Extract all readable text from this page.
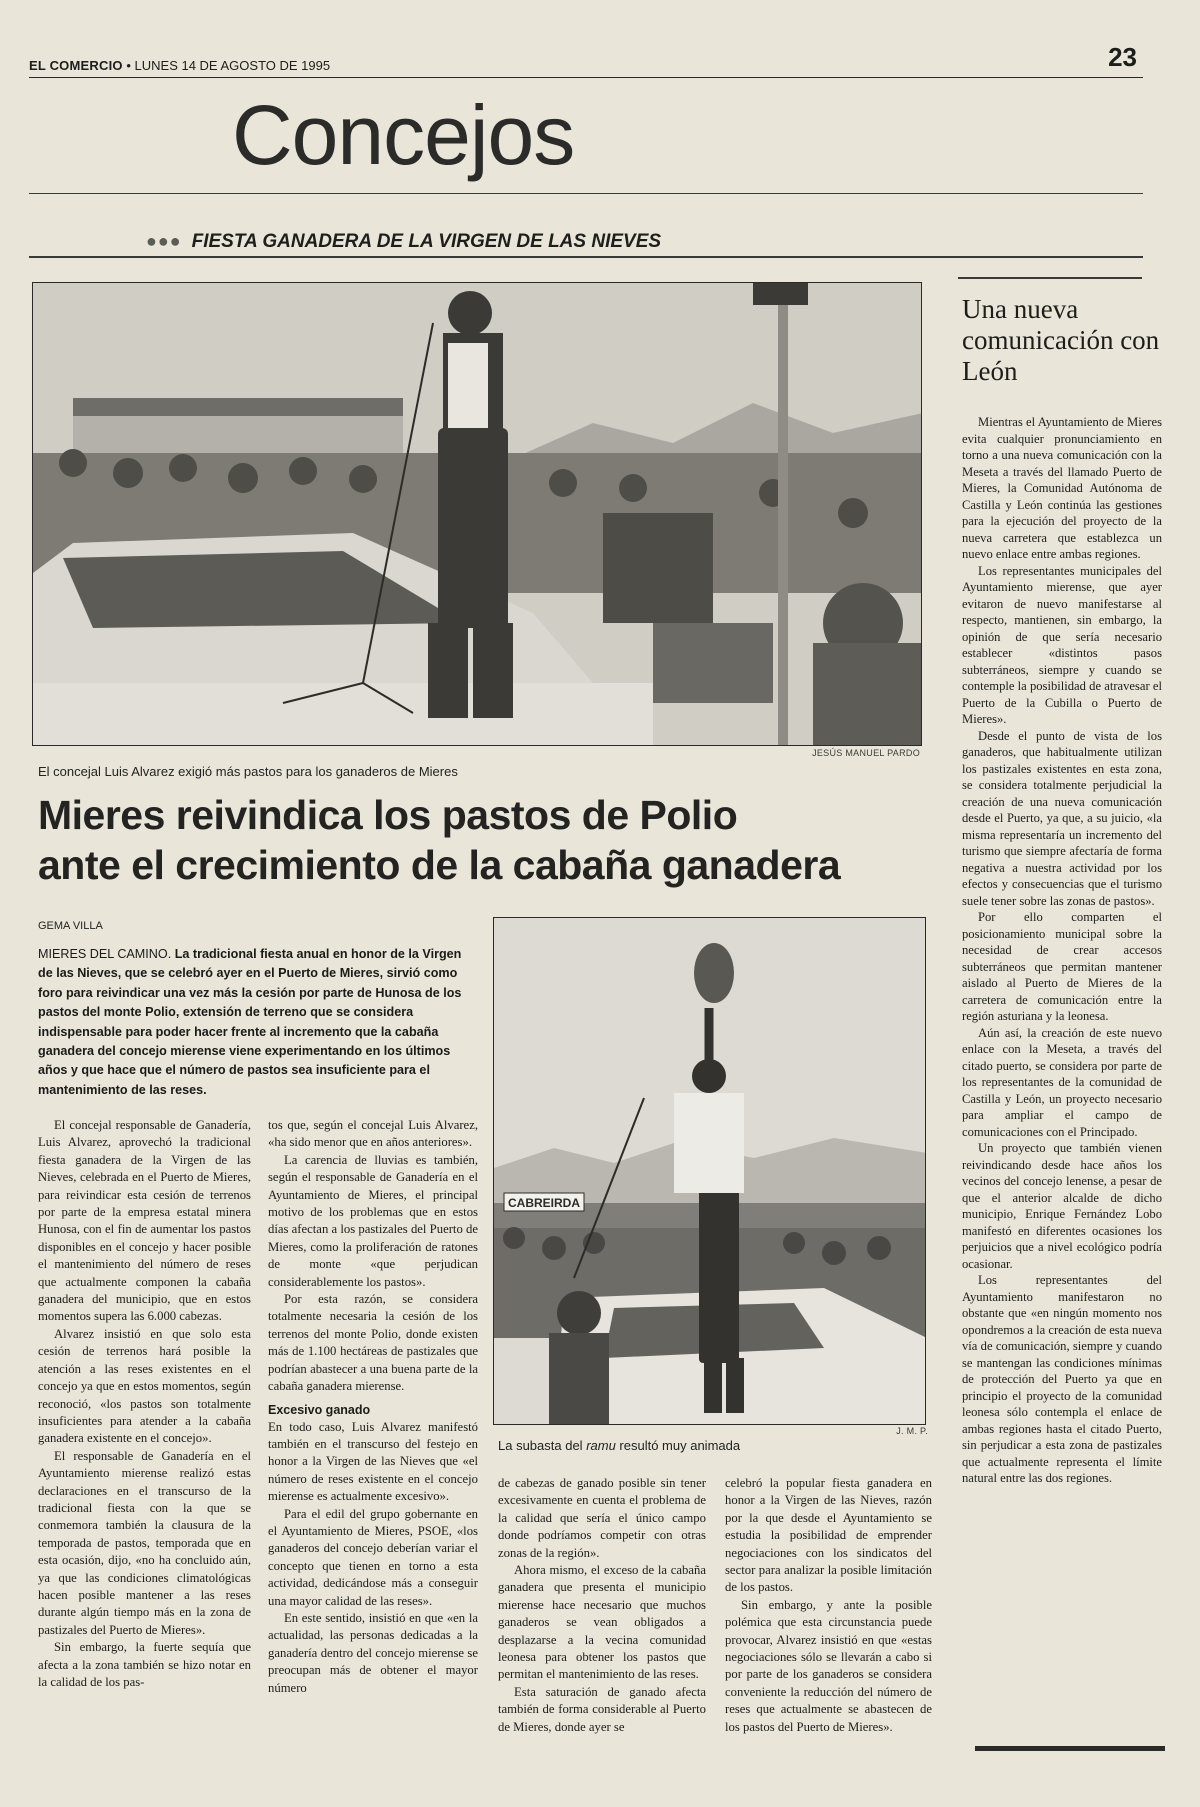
EL COMERCIO • LUNES 14 DE AGOSTO DE 1995	23
Concejos
●●● FIESTA GANADERA DE LA VIRGEN DE LAS NIEVES
JESÚS MANUEL PARDO
El concejal Luis Alvarez exigió más pastos para los ganaderos de Mieres
Mieres reivindica los pastos de Polio
ante el crecimiento de la cabaña ganadera
GEMA VILLA
MIERES DEL CAMINO. La tradicional fiesta anual en honor de la Virgen de las Nieves, que se celebró ayer en el Puerto de Mieres, sirvió como foro para reivindicar una vez más la cesión por parte de Hunosa de los pastos del monte Polio, extensión de terreno que se considera indispensable para poder hacer frente al incremento que la cabaña ganadera del concejo mierense viene experimentando en los últimos años y que hace que el número de pastos sea insuficiente para el mantenimiento de las reses.
CABREIRDA
J. M. P.
La subasta del ramu resultó muy animada

El concejal responsable de Ganadería, Luis Alvarez, aprovechó la tradicional fiesta ganadera de la Virgen de las Nieves, celebrada en el Puerto de Mieres, para reivindicar esta cesión de terrenos por parte de la empresa estatal minera Hunosa, con el fin de aumentar los pastos disponibles en el concejo y hacer posible el mantenimiento del número de reses que actualmente componen la cabaña ganadera del municipio, que en estos momentos supera las 6.000 cabezas.

Alvarez insistió en que solo esta cesión de terrenos hará posible la atención a las reses existentes en el concejo ya que en estos momentos, según reconoció, «los pastos son totalmente insuficientes para atender a la cabaña ganadera existente en el concejo».

El responsable de Ganadería en el Ayuntamiento mierense realizó estas declaraciones en el transcurso de la tradicional fiesta con la que se conmemora también la clausura de la temporada de pastos, temporada que en esta ocasión, dijo, «no ha concluido aún, ya que las condiciones climatológicas hacen posible mantener a las reses durante algún tiempo más en la zona de pastizales del Puerto de Mieres».

Sin embargo, la fuerte sequía que afecta a la zona también se hizo notar en la calidad de los pas-

tos que, según el concejal Luis Alvarez, «ha sido menor que en años anteriores».

La carencia de lluvias es también, según el responsable de Ganadería en el Ayuntamiento de Mieres, el principal motivo de los problemas que en estos días afectan a los pastizales del Puerto de Mieres, como la proliferación de ratones de monte «que perjudican considerablemente los pastos».

Por esta razón, se considera totalmente necesaria la cesión de los terrenos del monte Polio, donde existen más de 1.100 hectáreas de pastizales que podrían abastecer a una buena parte de la cabaña ganadera mierense.

Excesivo ganado

En todo caso, Luis Alvarez manifestó también en el transcurso del festejo en honor a la Virgen de las Nieves que «el número de reses existente en el concejo mierense es actualmente excesivo».

Para el edil del grupo gobernante en el Ayuntamiento de Mieres, PSOE, «los ganaderos del concejo deberían variar el concepto que tienen en torno a esta actividad, dedicándose más a conseguir una mayor calidad de las reses».

En este sentido, insistió en que «en la actualidad, las personas dedicadas a la ganadería dentro del concejo mierense se preocupan más de obtener el mayor número

de cabezas de ganado posible sin tener excesivamente en cuenta el problema de la calidad que sería el único campo donde podríamos competir con otras zonas de la región».

Ahora mismo, el exceso de la cabaña ganadera que presenta el municipio mierense hace necesario que muchos ganaderos se vean obligados a desplazarse a la vecina comunidad leonesa para obtener los pastos que permitan el mantenimiento de las reses.

Esta saturación de ganado afecta también de forma considerable al Puerto de Mieres, donde ayer se

celebró la popular fiesta ganadera en honor a la Virgen de las Nieves, razón por la que desde el Ayuntamiento se estudia la posibilidad de emprender negociaciones con los sindicatos del sector para analizar la posible limitación de los pastos.

Sin embargo, y ante la posible polémica que esta circunstancia puede provocar, Alvarez insistió en que «estas negociaciones sólo se llevarán a cabo si por parte de los ganaderos se considera conveniente la reducción del número de reses que actualmente se abastecen de los pastos del Puerto de Mieres».

Una nueva comunicación con León

Mientras el Ayuntamiento de Mieres evita cualquier pronunciamiento en torno a una nueva comunicación con la Meseta a través del llamado Puerto de Mieres, la Comunidad Autónoma de Castilla y León continúa las gestiones para la ejecución del proyecto de la nueva carretera que establezca un nuevo enlace entre ambas regiones.

Los representantes municipales del Ayuntamiento mierense, que ayer evitaron de nuevo manifestarse al respecto, mantienen, sin embargo, la opinión de que sería necesario establecer «distintos pasos subterráneos, siempre y cuando se contemple la posibilidad de atravesar el Puerto de la Cubilla o Puerto de Mieres».

Desde el punto de vista de los ganaderos, que habitualmente utilizan los pastizales existentes en esta zona, se considera totalmente perjudicial la creación de una nueva comunicación desde el Puerto, ya que, a su juicio, «la misma representaría un incremento del turismo que siempre afectaría de forma negativa a nuestra actividad por los efectos y consecuencias que el turismo suele tener sobre las zonas de pastos».

Por ello comparten el posicionamiento municipal sobre la necesidad de crear accesos subterráneos que permitan mantener aislado al Puerto de Mieres de la carretera de comunicación entre la región asturiana y la leonesa.

Aún así, la creación de este nuevo enlace con la Meseta, a través del citado puerto, se considera por parte de los representantes de la comunidad de Castilla y León, un proyecto necesario para ampliar el campo de comunicaciones con el Principado.

Un proyecto que también vienen reivindicando desde hace años los vecinos del concejo lenense, a pesar de que el anterior alcalde de dicho municipio, Enrique Fernández Lobo manifestó en diferentes ocasiones los perjuicios que a nivel ecológico podría ocasionar.

Los representantes del Ayuntamiento manifestaron no obstante que «en ningún momento nos opondremos a la creación de esta nueva vía de comunicación, siempre y cuando se mantengan las condiciones mínimas de protección del Puerto ya que en principio el proyecto de la comunidad leonesa sólo contempla el enlace de ambas regiones hasta el citado Puerto, sin perjudicar a esta zona de pastizales que actualmente representa el límite natural entre las dos regiones.
